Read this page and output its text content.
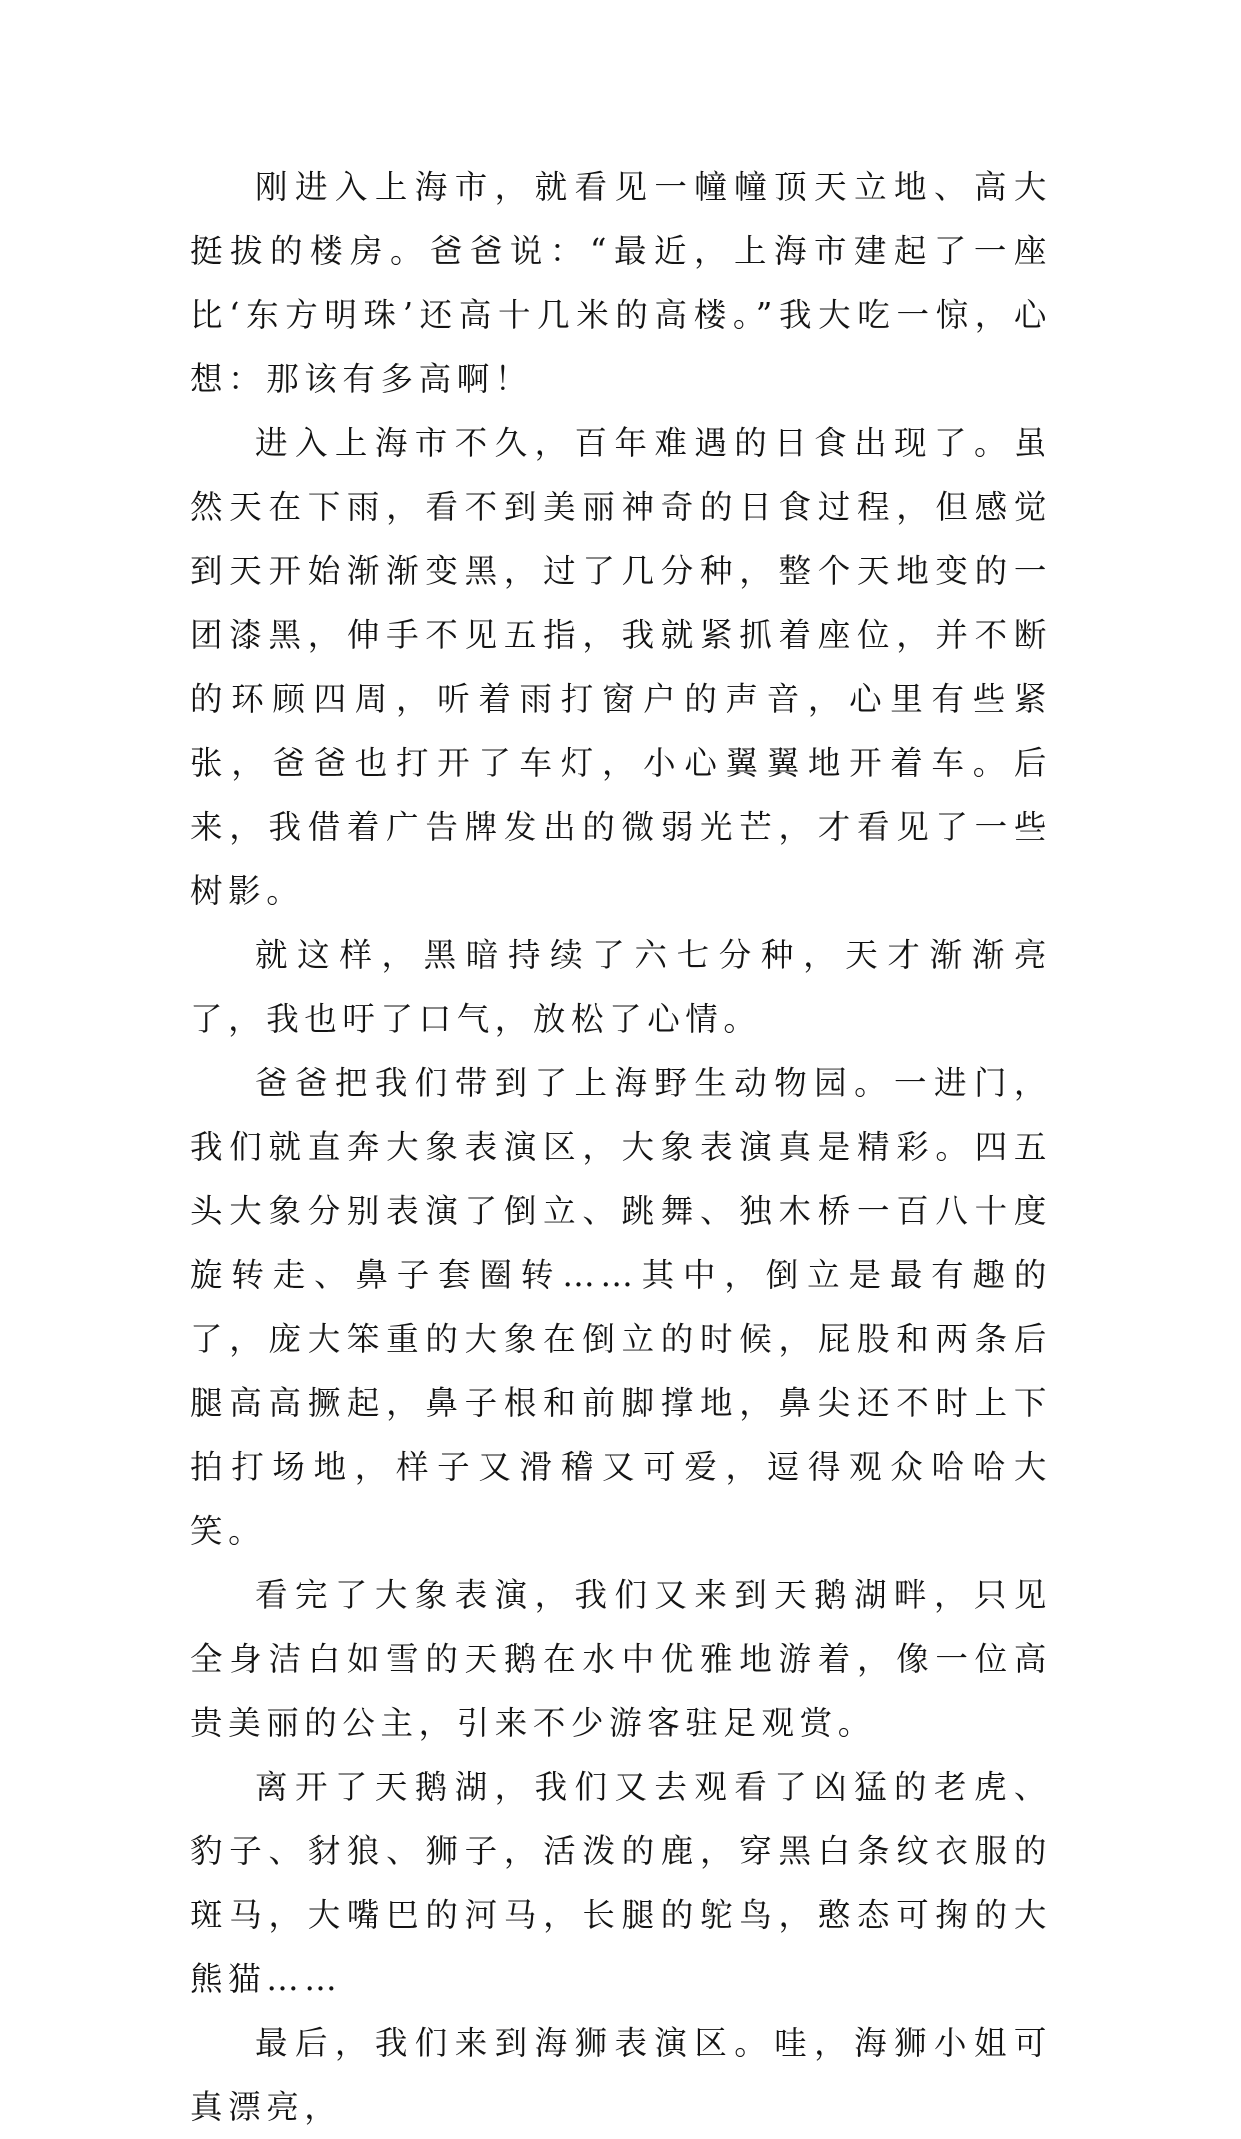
刚进入上海市，就看见一幢幢顶天立地、高大挺拔的楼房。爸爸说：“最近，上海市建起了一座比‘东方明珠’还高十几米的高楼。”我大吃一惊，心想：那该有多高啊！

进入上海市不久，百年难遇的日食出现了。虽然天在下雨，看不到美丽神奇的日食过程，但感觉到天开始渐渐变黑，过了几分种，整个天地变的一团漆黑，伸手不见五指，我就紧抓着座位，并不断的环顾四周，听着雨打窗户的声音，心里有些紧张，爸爸也打开了车灯，小心翼翼地开着车。后来，我借着广告牌发出的微弱光芒，才看见了一些树影。

就这样，黑暗持续了六七分种，天才渐渐亮了，我也吁了口气，放松了心情。

爸爸把我们带到了上海野生动物园。一进门，我们就直奔大象表演区，大象表演真是精彩。四五头大象分别表演了倒立、跳舞、独木桥一百八十度旋转走、鼻子套圈转……其中，倒立是最有趣的了，庞大笨重的大象在倒立的时候，屁股和两条后腿高高撅起，鼻子根和前脚撑地，鼻尖还不时上下拍打场地，样子又滑稽又可爱，逗得观众哈哈大笑。

看完了大象表演，我们又来到天鹅湖畔，只见全身洁白如雪的天鹅在水中优雅地游着，像一位高贵美丽的公主，引来不少游客驻足观赏。

离开了天鹅湖，我们又去观看了凶猛的老虎、豹子、豺狼、狮子，活泼的鹿，穿黑白条纹衣服的斑马，大嘴巴的河马，长腿的鸵鸟，憨态可掬的大熊猫……

最后，我们来到海狮表演区。哇，海狮小姐可真漂亮，
